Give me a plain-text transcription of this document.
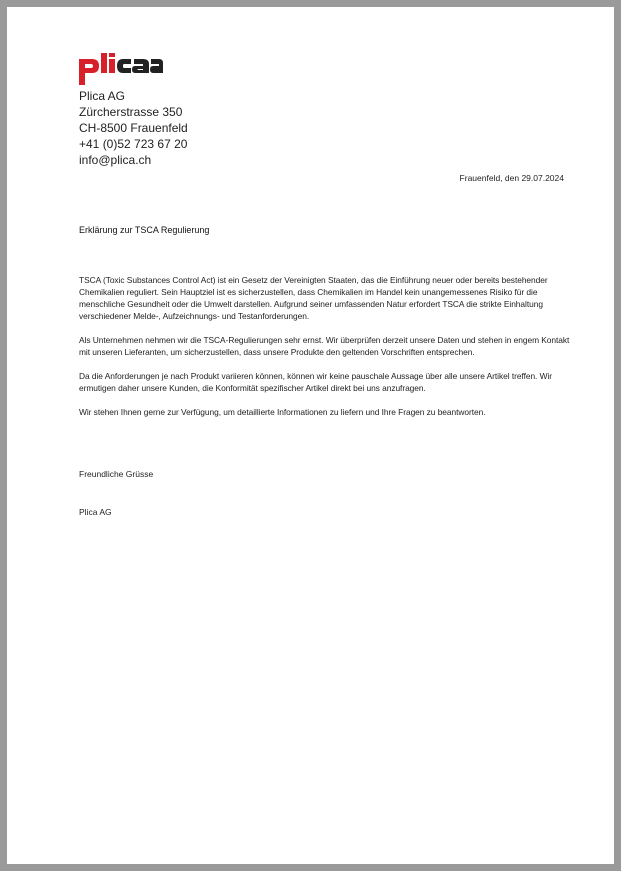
Plica AG
Zürcherstrasse 350
CH-8500 Frauenfeld
+41 (0)52 723 67 20
info@plica.ch
Frauenfeld, den 29.07.2024
Erklärung zur TSCA Regulierung

TSCA (Toxic Substances Control Act) ist ein Gesetz der Vereinigten Staaten, das die Einführung neuer oder bereits bestehender Chemikalien reguliert. Sein Hauptziel ist es sicherzustellen, dass Chemikalien im Handel kein unangemessenes Risiko für die menschliche Gesundheit oder die Umwelt darstellen. Aufgrund seiner umfassenden Natur erfordert TSCA die strikte Einhaltung verschiedener Melde-, Aufzeichnungs- und Testanforderungen.

Als Unternehmen nehmen wir die TSCA-Regulierungen sehr ernst. Wir überprüfen derzeit unsere Daten und stehen in engem Kontakt mit unseren Lieferanten, um sicherzustellen, dass unsere Produkte den geltenden Vorschriften entsprechen.

Da die Anforderungen je nach Produkt variieren können, können wir keine pauschale Aussage über alle unsere Artikel treffen. Wir ermutigen daher unsere Kunden, die Konformität spezifischer Artikel direkt bei uns anzufragen.

Wir stehen Ihnen gerne zur Verfügung, um detaillierte Informationen zu liefern und Ihre Fragen zu beantworten.

Freundliche Grüsse
Plica AG
